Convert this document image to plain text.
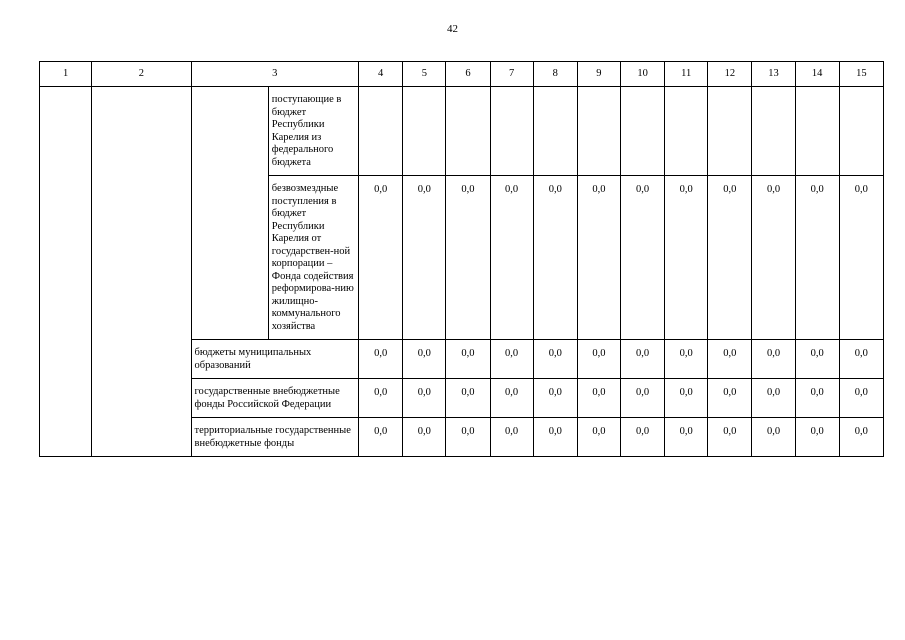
42
1	2	3		4	5	6	7	8	9	10	11	12	13	14	15
			поступающие в бюджет Республики Карелия из федерального бюджета												
			безвозмездные поступления в бюджет Республики Карелия от государствен-ной корпорации – Фонда содействия реформирова-нию жилищно-коммунального хозяйства	0,0	0,0	0,0	0,0	0,0	0,0	0,0	0,0	0,0	0,0	0,0	0,0
		бюджеты муниципальных образований		0,0	0,0	0,0	0,0	0,0	0,0	0,0	0,0	0,0	0,0	0,0	0,0
		государственные внебюджетные фонды Российской Федерации		0,0	0,0	0,0	0,0	0,0	0,0	0,0	0,0	0,0	0,0	0,0	0,0
		территориальные государственные внебюджетные фонды		0,0	0,0	0,0	0,0	0,0	0,0	0,0	0,0	0,0	0,0	0,0	0,0
